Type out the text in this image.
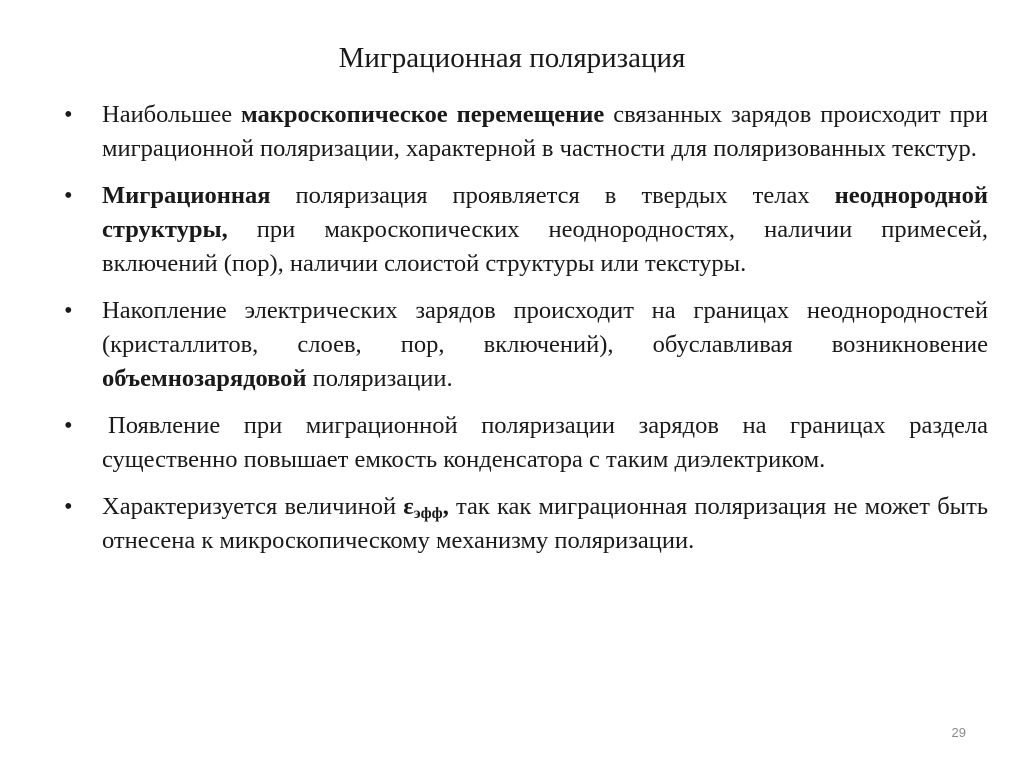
Миграционная поляризация
•	Наибольшее макроскопическое перемещение связанных зарядов происходит при миграционной поляризации, характерной в частности для поляризованных текстур.

•	Миграционная поляризация проявляется в твердых телах неоднородной структуры, при макроскопических неоднородностях, наличии примесей, включений (пор), наличии слоистой структуры или текстуры.

•	Накопление электрических зарядов происходит на границах неоднородностей (кристаллитов, слоев, пор, включений), обуславливая возникновение объемнозарядовой поляризации.

•	Появление при миграционной поляризации зарядов на границах раздела существенно повышает емкость конденсатора с таким диэлектриком.

•	Характеризуется величиной $\varepsilon_{эфф}$, так как миграционная поляризация не может быть отнесена к микроскопическому механизму поляризации.

29
